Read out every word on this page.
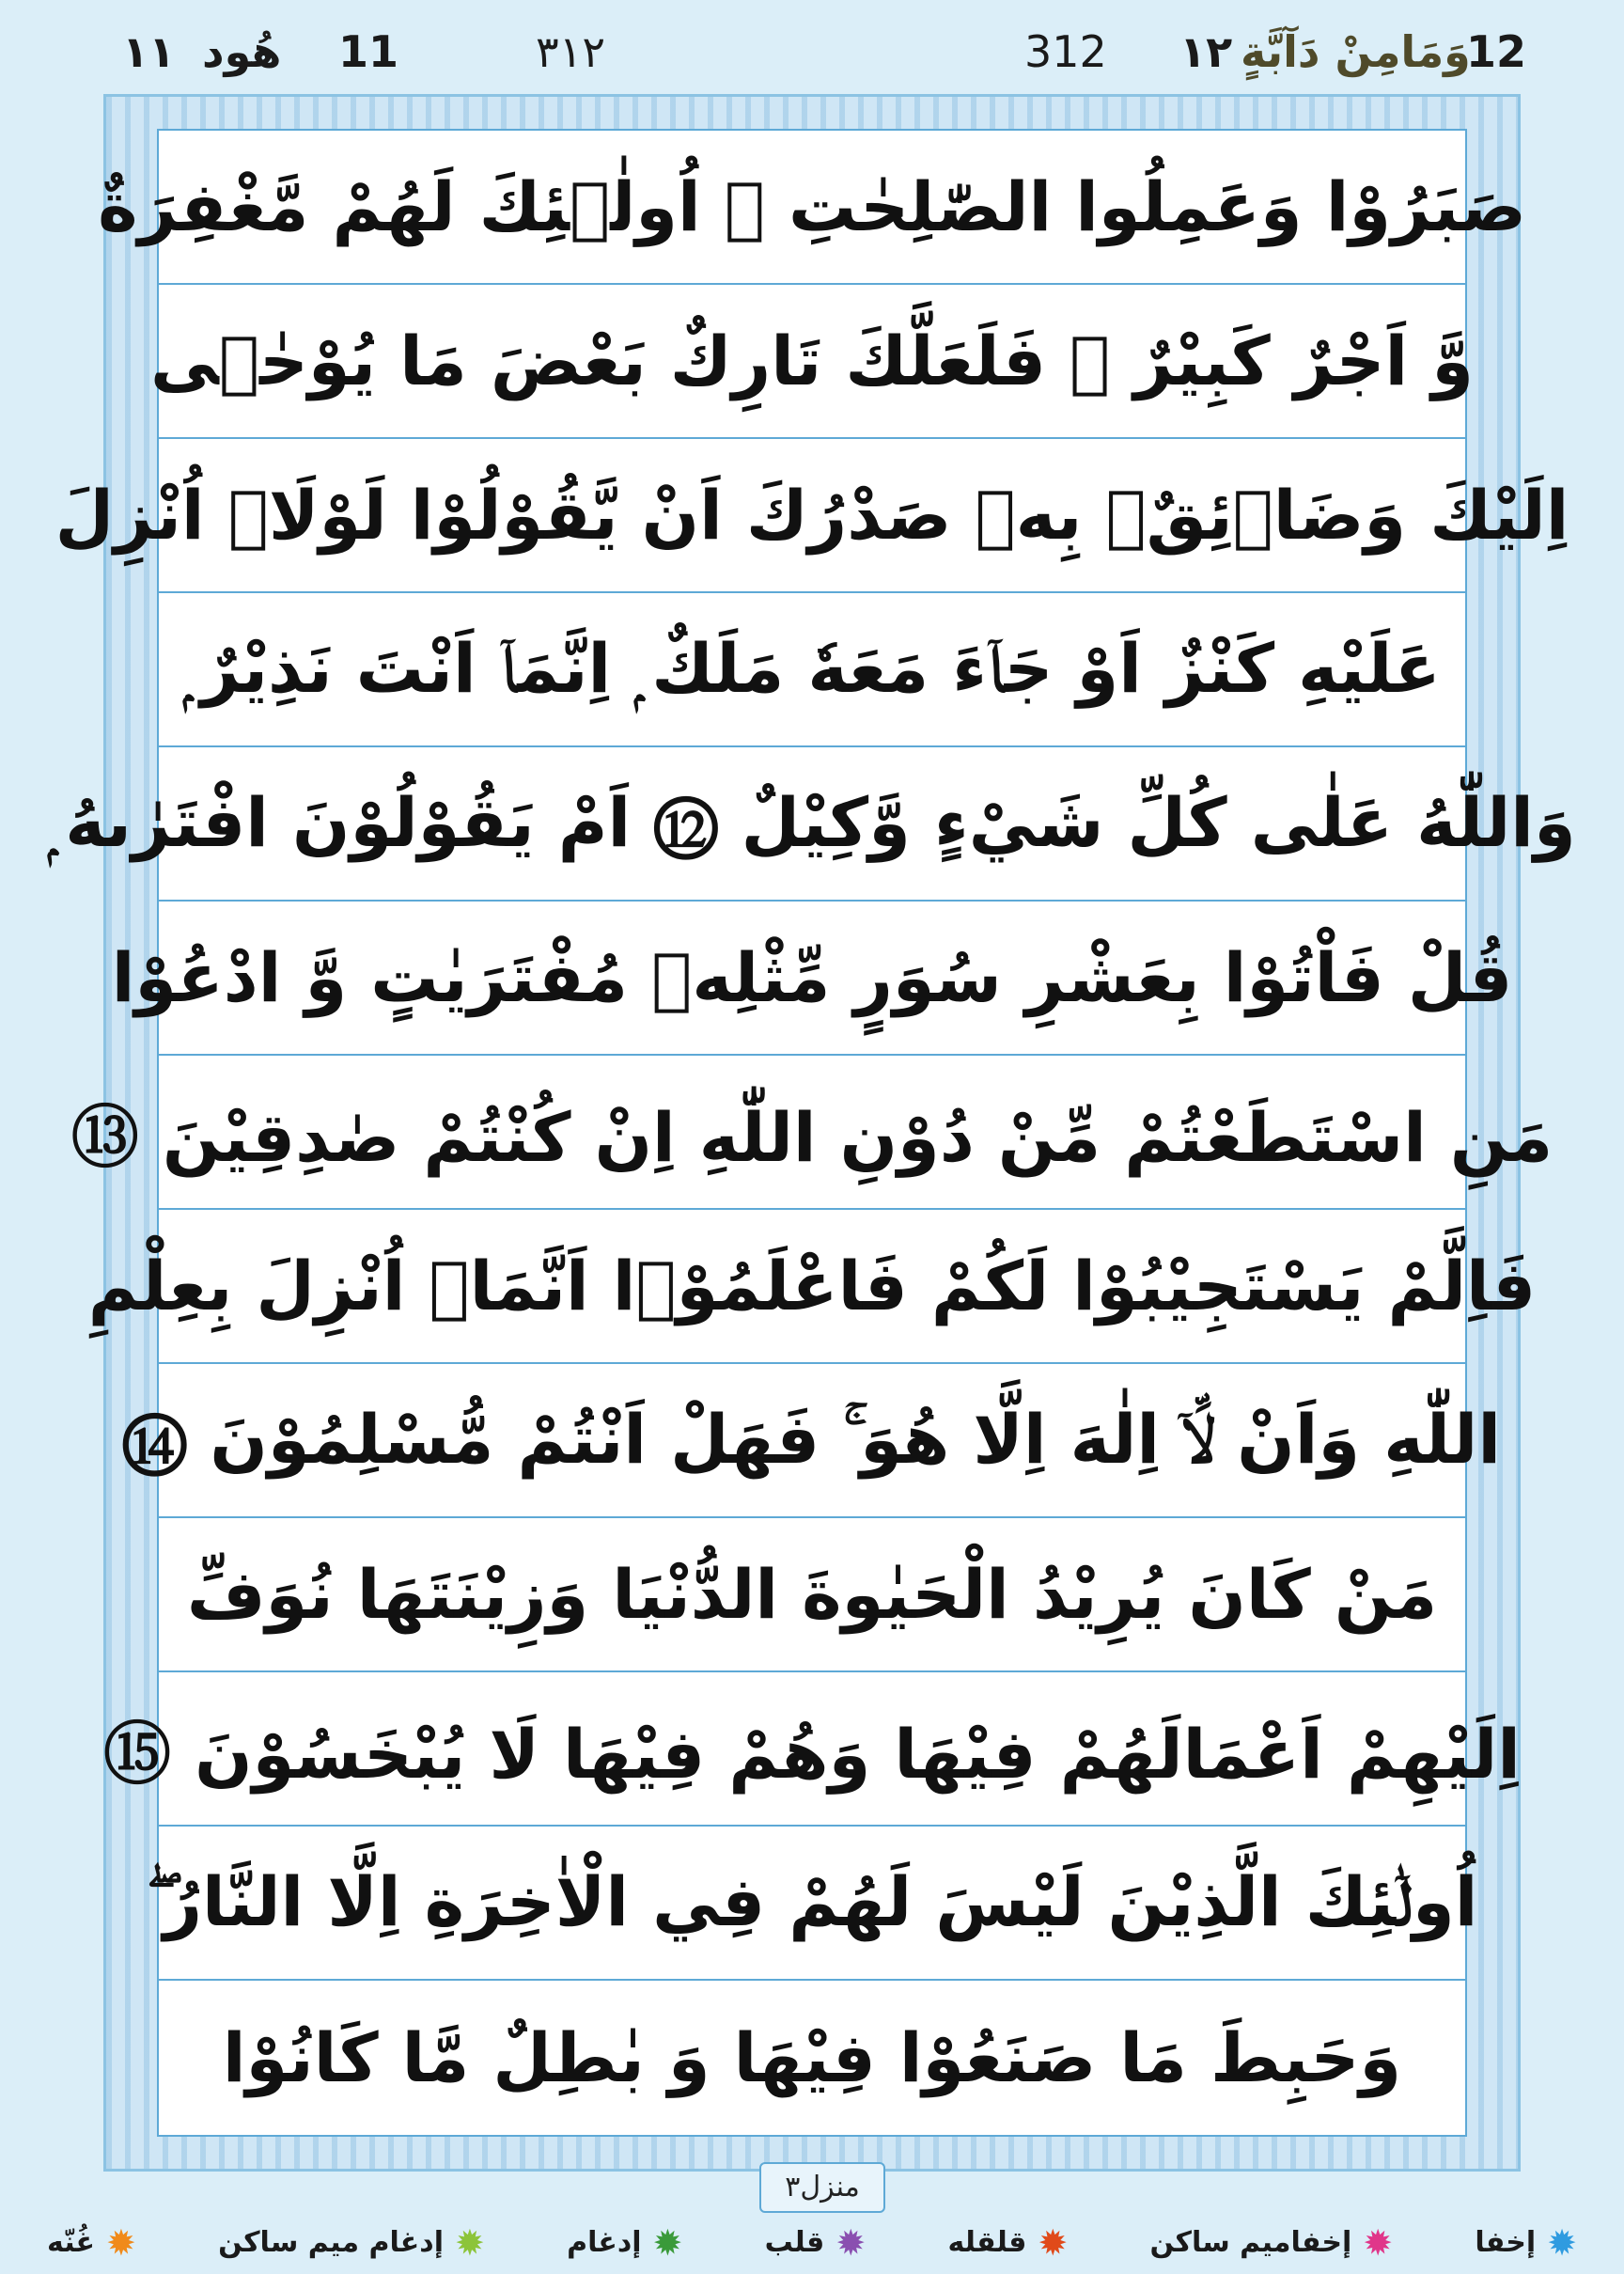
١١ هُود 11	٣١٢	312 ١٢ وَمَامِنْ دَآبَّةٍ
12
صَبَرُوْا وَعَمِلُوا الصّٰلِحٰتِ ۭ اُولٰۤئِكَ لَهُمْ مَّغْفِرَةٌ
وَّ اَجْرٌ كَبِيْرٌ ⑪ فَلَعَلَّكَ تَارِكٌ بَعْضَ مَا يُوْحٰۤى
اِلَيْكَ وَضَاۤئِقٌۢ بِهٖ صَدْرُكَ اَنْ يَّقُوْلُوْا لَوْلَاۤ اُنْزِلَ
عَلَيْهِ كَنْزٌ اَوْ جَاۤءَ مَعَهٗ مَلَكٌ ۭ اِنَّمَاۤ اَنْتَ نَذِيْرٌ ۭ
وَاللّٰهُ عَلٰى كُلِّ شَيْءٍ وَّكِيْلٌ ⑫ اَمْ يَقُوْلُوْنَ افْتَرٰىهُ ۭ
قُلْ فَاْتُوْا بِعَشْرِ سُوَرٍ مِّثْلِهٖ مُفْتَرَيٰتٍ وَّ ادْعُوْا
مَنِ اسْتَطَعْتُمْ مِّنْ دُوْنِ اللّٰهِ اِنْ كُنْتُمْ صٰدِقِيْنَ ⑬
فَاِلَّمْ يَسْتَجِيْبُوْا لَكُمْ فَاعْلَمُوْۤا اَنَّمَاۤ اُنْزِلَ بِعِلْمِ
اللّٰهِ وَاَنْ لَّاۤ اِلٰهَ اِلَّا هُوَ ۚ فَهَلْ اَنْتُمْ مُّسْلِمُوْنَ ⑭
مَنْ كَانَ يُرِيْدُ الْحَيٰوةَ الدُّنْيَا وَزِيْنَتَهَا نُوَفِّ
اِلَيْهِمْ اَعْمَالَهُمْ فِيْهَا وَهُمْ فِيْهَا لَا يُبْخَسُوْنَ ⑮
اُولٰۤئِكَ الَّذِيْنَ لَيْسَ لَهُمْ فِي الْاٰخِرَةِ اِلَّا النَّارُ ۖ
وَحَبِطَ مَا صَنَعُوْا فِيْهَا وَ بٰطِلٌ مَّا كَانُوْا
منزل٣
✹
إخفا
✹
إخفاميم ساكن
✹
قلقله
✹
قلب
✹
إدغام
✹
إدغام ميم ساكن
✹
غُنّه
